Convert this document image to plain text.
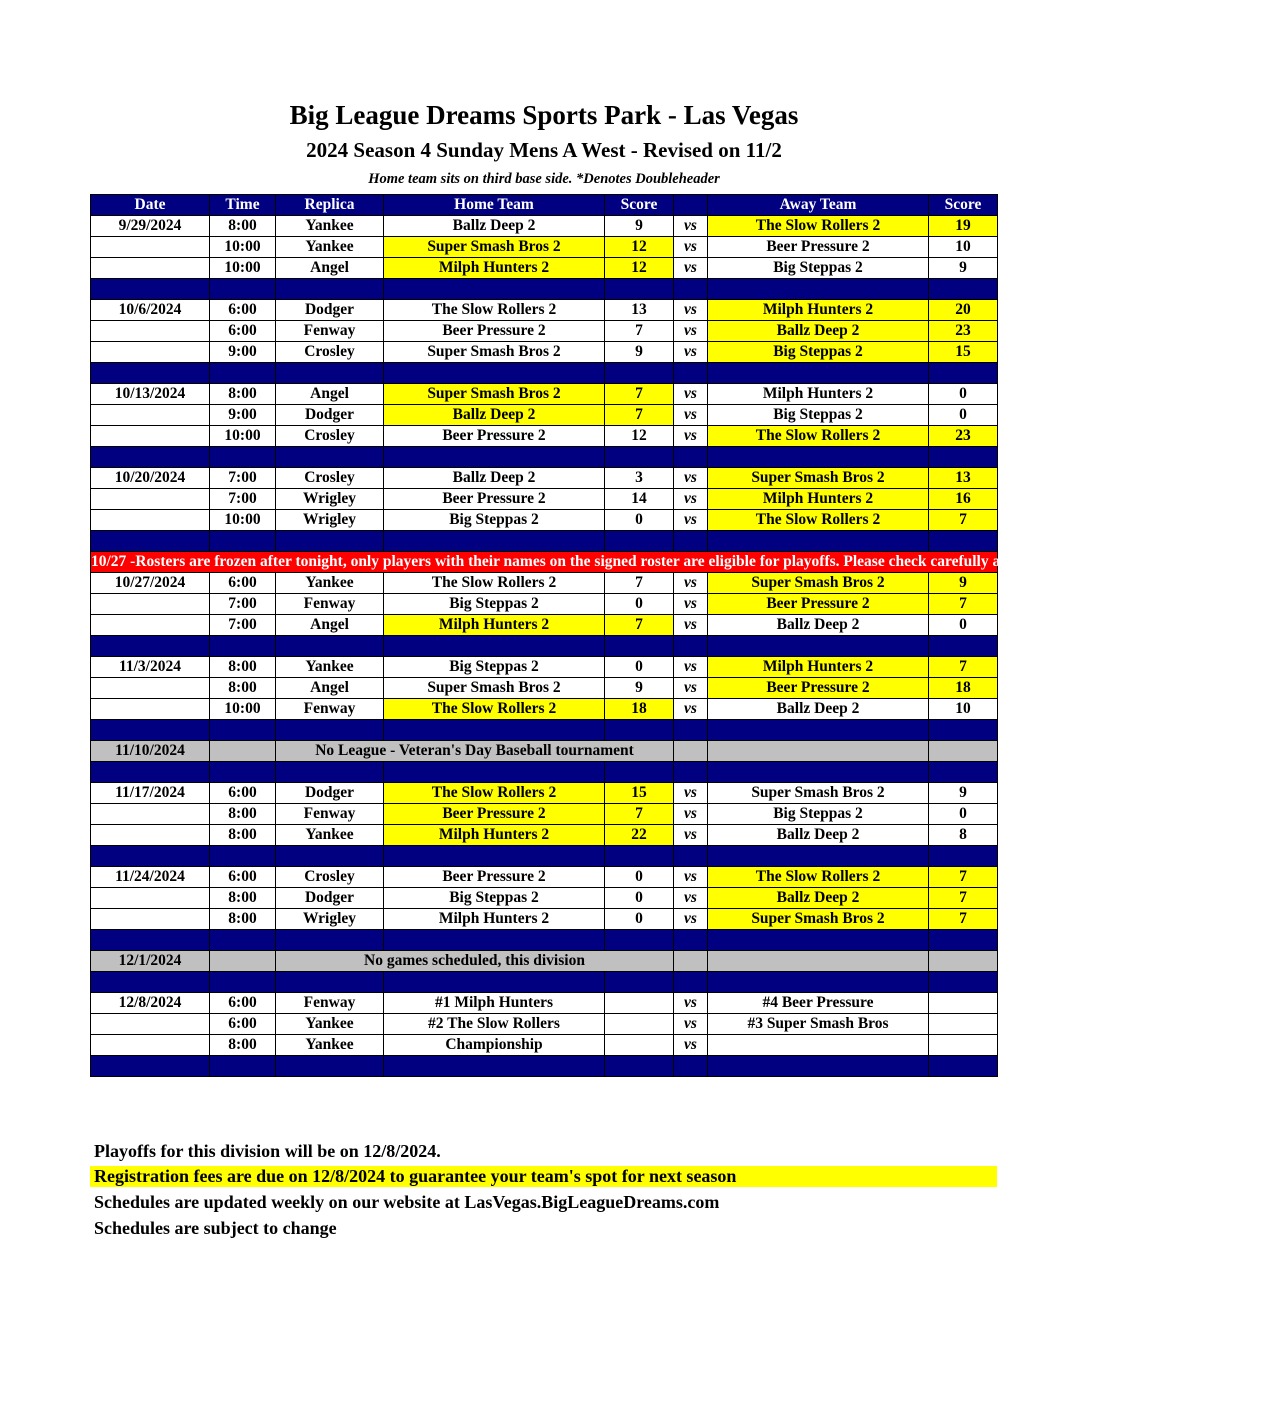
Big League Dreams Sports Park - Las Vegas
2024 Season 4 Sunday Mens A West - Revised on 11/2
Home team sits on third base side. *Denotes Doubleheader
Date	Time	Replica	Home Team	Score		Away Team	Score
9/29/2024	8:00	Yankee	Ballz Deep 2	9	vs	The Slow Rollers 2	19
	10:00	Yankee	Super Smash Bros 2	12	vs	Beer Pressure 2	10
	10:00	Angel	Milph Hunters 2	12	vs	Big Steppas 2	9

10/6/2024	6:00	Dodger	The Slow Rollers 2	13	vs	Milph Hunters 2	20
	6:00	Fenway	Beer Pressure 2	7	vs	Ballz Deep 2	23
	9:00	Crosley	Super Smash Bros 2	9	vs	Big Steppas 2	15

10/13/2024	8:00	Angel	Super Smash Bros 2	7	vs	Milph Hunters 2	0
	9:00	Dodger	Ballz Deep 2	7	vs	Big Steppas 2	0
	10:00	Crosley	Beer Pressure 2	12	vs	The Slow Rollers 2	23

10/20/2024	7:00	Crosley	Ballz Deep 2	3	vs	Super Smash Bros 2	13
	7:00	Wrigley	Beer Pressure 2	14	vs	Milph Hunters 2	16
	10:00	Wrigley	Big Steppas 2	0	vs	The Slow Rollers 2	7

10/27 -Rosters are frozen after tonight, only players with their names on the signed roster are eligible for playoffs. Please check carefully as changes will not be made for omissions.							
10/27/2024	6:00	Yankee	The Slow Rollers 2	7	vs	Super Smash Bros 2	9
	7:00	Fenway	Big Steppas 2	0	vs	Beer Pressure 2	7
	7:00	Angel	Milph Hunters 2	7	vs	Ballz Deep 2	0

11/3/2024	8:00	Yankee	Big Steppas 2	0	vs	Milph Hunters 2	7
	8:00	Angel	Super Smash Bros 2	9	vs	Beer Pressure 2	18
	10:00	Fenway	The Slow Rollers 2	18	vs	Ballz Deep 2	10

11/10/2024		No League - Veteran's Day Baseball tournament					

11/17/2024	6:00	Dodger	The Slow Rollers 2	15	vs	Super Smash Bros 2	9
	8:00	Fenway	Beer Pressure 2	7	vs	Big Steppas 2	0
	8:00	Yankee	Milph Hunters 2	22	vs	Ballz Deep 2	8

11/24/2024	6:00	Crosley	Beer Pressure 2	0	vs	The Slow Rollers 2	7
	8:00	Dodger	Big Steppas 2	0	vs	Ballz Deep 2	7
	8:00	Wrigley	Milph Hunters 2	0	vs	Super Smash Bros 2	7

12/1/2024		No games scheduled, this division					

12/8/2024	6:00	Fenway	#1 Milph Hunters		vs	#4 Beer Pressure	
	6:00	Yankee	#2 The Slow Rollers		vs	#3 Super Smash Bros	
	8:00	Yankee	Championship		vs		

Playoffs for this division will be on 12/8/2024.
Registration fees are due on 12/8/2024 to guarantee your team's spot for next season
Schedules are updated weekly on our website at LasVegas.BigLeagueDreams.com
Schedules are subject to change
